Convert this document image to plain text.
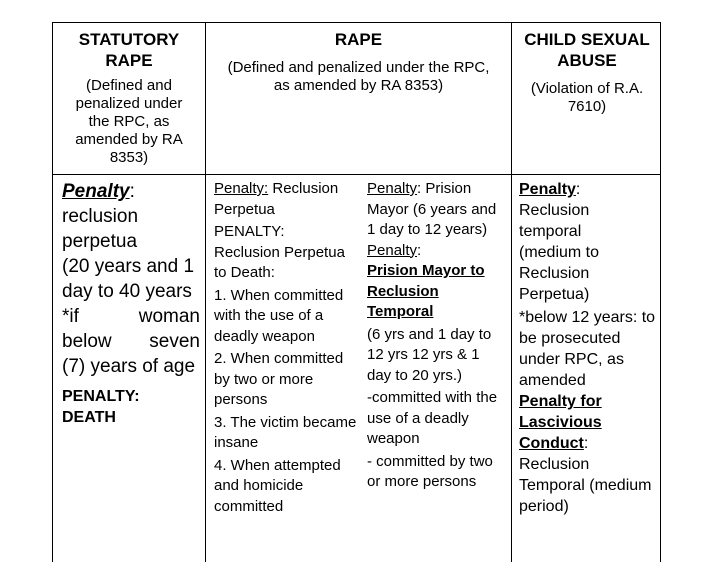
STATUTORY RAPE
(Defined and penalized under the RPC, as amended by RA 8353)
RAPE
(Defined and penalized under the RPC, as amended by RA 8353)
CHILD SEXUAL ABUSE
(Violation of R.A. 7610)
Penalty:
reclusion
perpetua
(20 years and 1
day to 40 years
*if woman
below seven
(7) years of age
PENALTY:
DEATH
Penalty: Reclusion Perpetua
PENALTY:
Reclusion Perpetua to Death:
1. When committed with the use of a deadly weapon
2. When committed by two or more persons
3. The victim became insane
4. When attempted and homicide committed
Penalty: Prision Mayor (6 years and 1 day to 12 years)
Penalty:
Prision Mayor to
Reclusion
Temporal
(6 yrs and 1 day to 12 yrs 12 yrs & 1 day to 20 yrs.)
-committed with the use of a deadly weapon
- committed by two or more persons
Penalty:
Reclusion
temporal
(medium to
Reclusion
Perpetua)
*below 12 years: to be prosecuted under RPC, as amended
Penalty for
Lascivious
Conduct:
Reclusion Temporal (medium period)
